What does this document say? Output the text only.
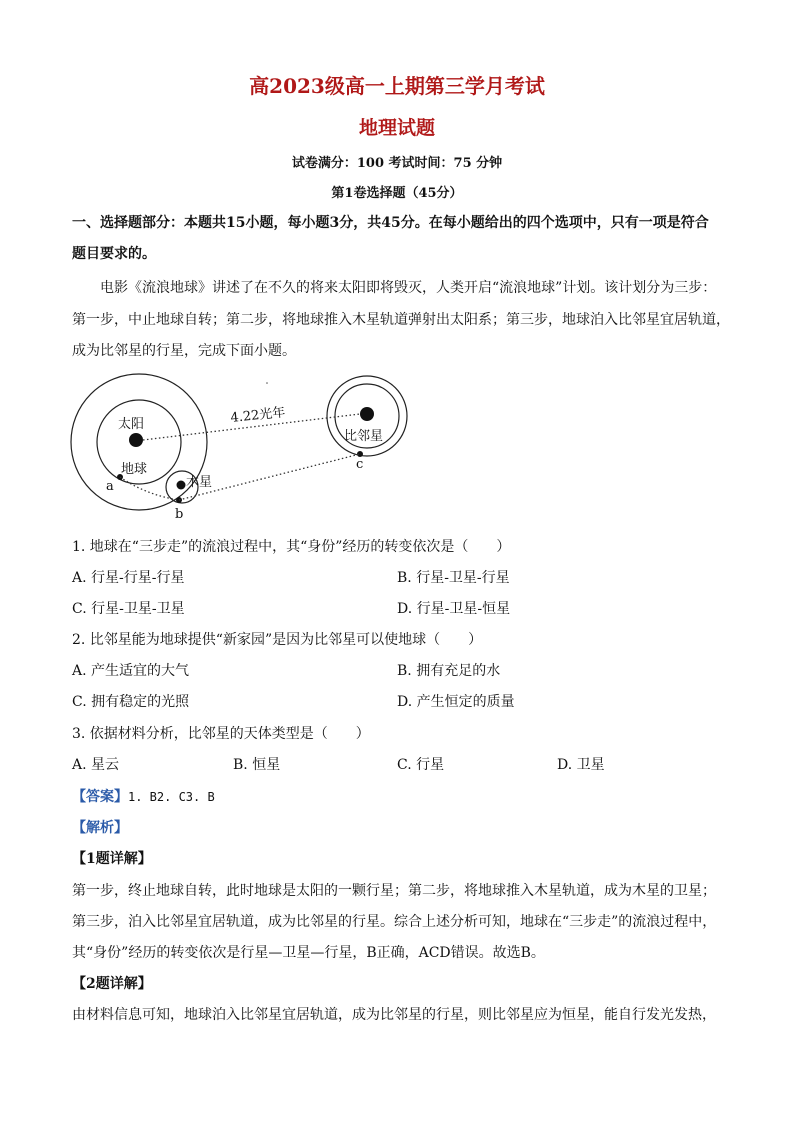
高2023级高一上期第三学月考试
地理试题
试卷满分：100 考试时间：75 分钟
第1卷选择题（45分）
一、选择题部分：本题共15小题，每小题3分，共45分。在每小题给出的四个选项中，只有一项是符合
题目要求的。
电影《流浪地球》讲述了在不久的将来太阳即将毁灭，人类开启“流浪地球”计划。该计划分为三步：
第一步，中止地球自转；第二步，将地球推入木星轨道弹射出太阳系；第三步，地球泊入比邻星宜居轨道，
成为比邻星的行星，完成下面小题。
太阳
地球
木星
比邻星
4.22光年
a
b
c
1. 地球在“三步走”的流浪过程中，其“身份”经历的转变依次是（　　）
A. 行星-行星-行星	B. 行星-卫星-行星
C. 行星-卫星-卫星	D. 行星-卫星-恒星
2. 比邻星能为地球提供“新家园”是因为比邻星可以使地球（　　）
A. 产生适宜的大气	B. 拥有充足的水
C. 拥有稳定的光照	D. 产生恒定的质量
3. 依据材料分析，比邻星的天体类型是（　　）
A. 星云	B. 恒星	C. 行星	D. 卫星
【答案】1. B2. C3. B
【解析】
【1题详解】
第一步，终止地球自转，此时地球是太阳的一颗行星；第二步，将地球推入木星轨道，成为木星的卫星；
第三步，泊入比邻星宜居轨道，成为比邻星的行星。综合上述分析可知，地球在“三步走”的流浪过程中，
其“身份”经历的转变依次是行星—卫星—行星，B正确，ACD错误。故选B。
【2题详解】
由材料信息可知，地球泊入比邻星宜居轨道，成为比邻星的行星，则比邻星应为恒星，能自行发光发热，
